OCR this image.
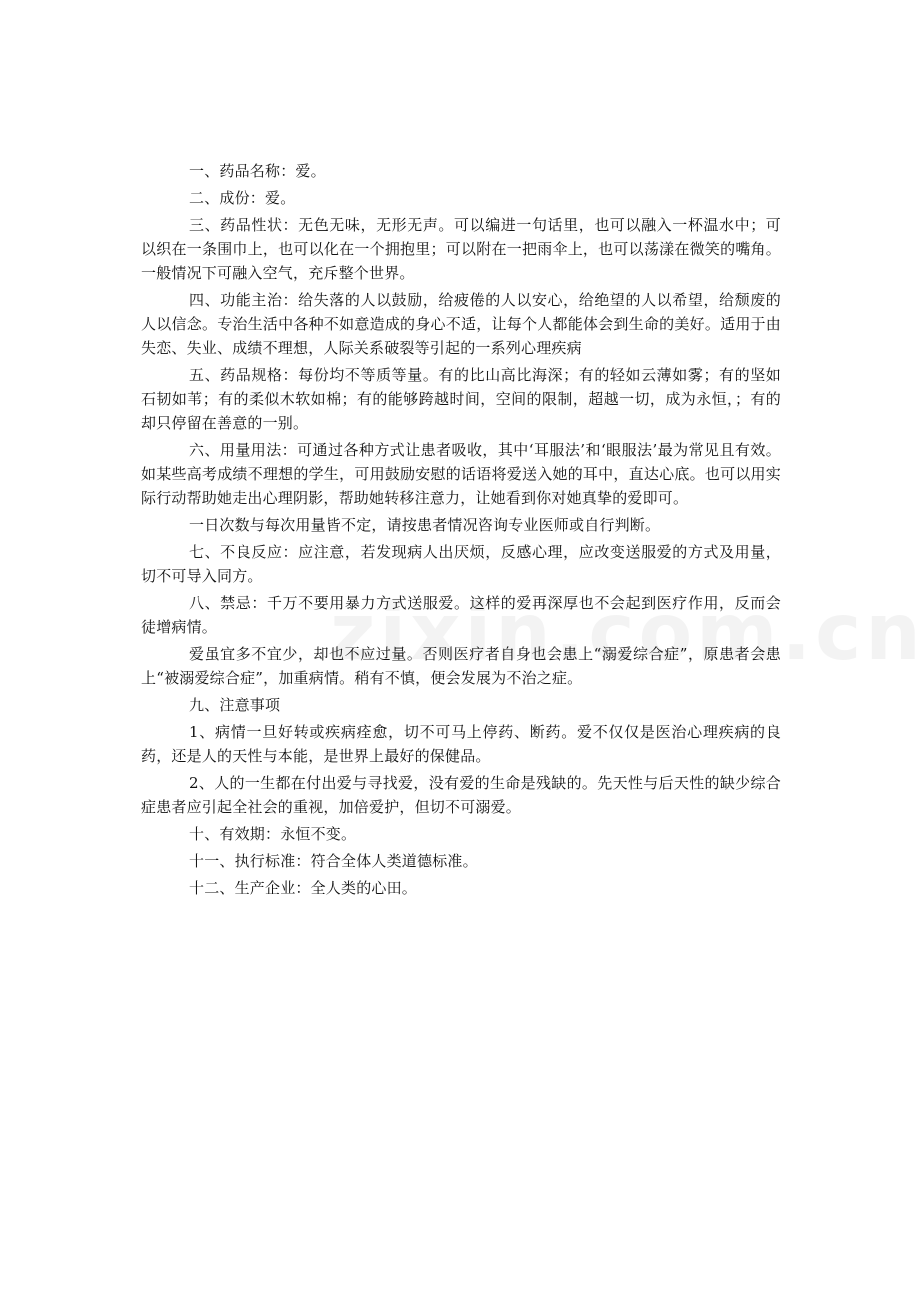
一、药品名称：爱。

二、成份：爱。

三、药品性状：无色无味，无形无声。可以编进一句话里，也可以融入一杯温水中；可以织在一条围巾上，也可以化在一个拥抱里；可以附在一把雨伞上，也可以荡漾在微笑的嘴角。一般情况下可融入空气，充斥整个世界。

四、功能主治：给失落的人以鼓励，给疲倦的人以安心，给绝望的人以希望，给颓废的人以信念。专治生活中各种不如意造成的身心不适，让每个人都能体会到生命的美好。适用于由失恋、失业、成绩不理想，人际关系破裂等引起的一系列心理疾病

五、药品规格：每份均不等质等量。有的比山高比海深；有的轻如云薄如雾；有的坚如石韧如苇；有的柔似木软如棉；有的能够跨越时间，空间的限制，超越一切，成为永恒，；有的却只停留在善意的一别。

六、用量用法：可通过各种方式让患者吸收，其中‘耳服法’和‘眼服法’最为常见且有效。如某些高考成绩不理想的学生，可用鼓励安慰的话语将爱送入她的耳中，直达心底。也可以用实际行动帮助她走出心理阴影，帮助她转移注意力，让她看到你对她真挚的爱即可。

一日次数与每次用量皆不定，请按患者情况咨询专业医师或自行判断。

七、不良反应：应注意，若发现病人出厌烦，反感心理，应改变送服爱的方式及用量，切不可导入同方。

八、禁忌：千万不要用暴力方式送服爱。这样的爱再深厚也不会起到医疗作用，反而会徒增病情。

爱虽宜多不宜少，却也不应过量。否则医疗者自身也会患上“溺爱综合症”，原患者会患上“被溺爱综合症”，加重病情。稍有不慎，便会发展为不治之症。

九、注意事项

1、病情一旦好转或疾病痊愈，切不可马上停药、断药。爱不仅仅是医治心理疾病的良药，还是人的天性与本能，是世界上最好的保健品。

2、人的一生都在付出爱与寻找爱，没有爱的生命是残缺的。先天性与后天性的缺少综合症患者应引起全社会的重视，加倍爱护，但切不可溺爱。

十、有效期：永恒不变。

十一、执行标准：符合全体人类道德标准。

十二、生产企业：全人类的心田。
